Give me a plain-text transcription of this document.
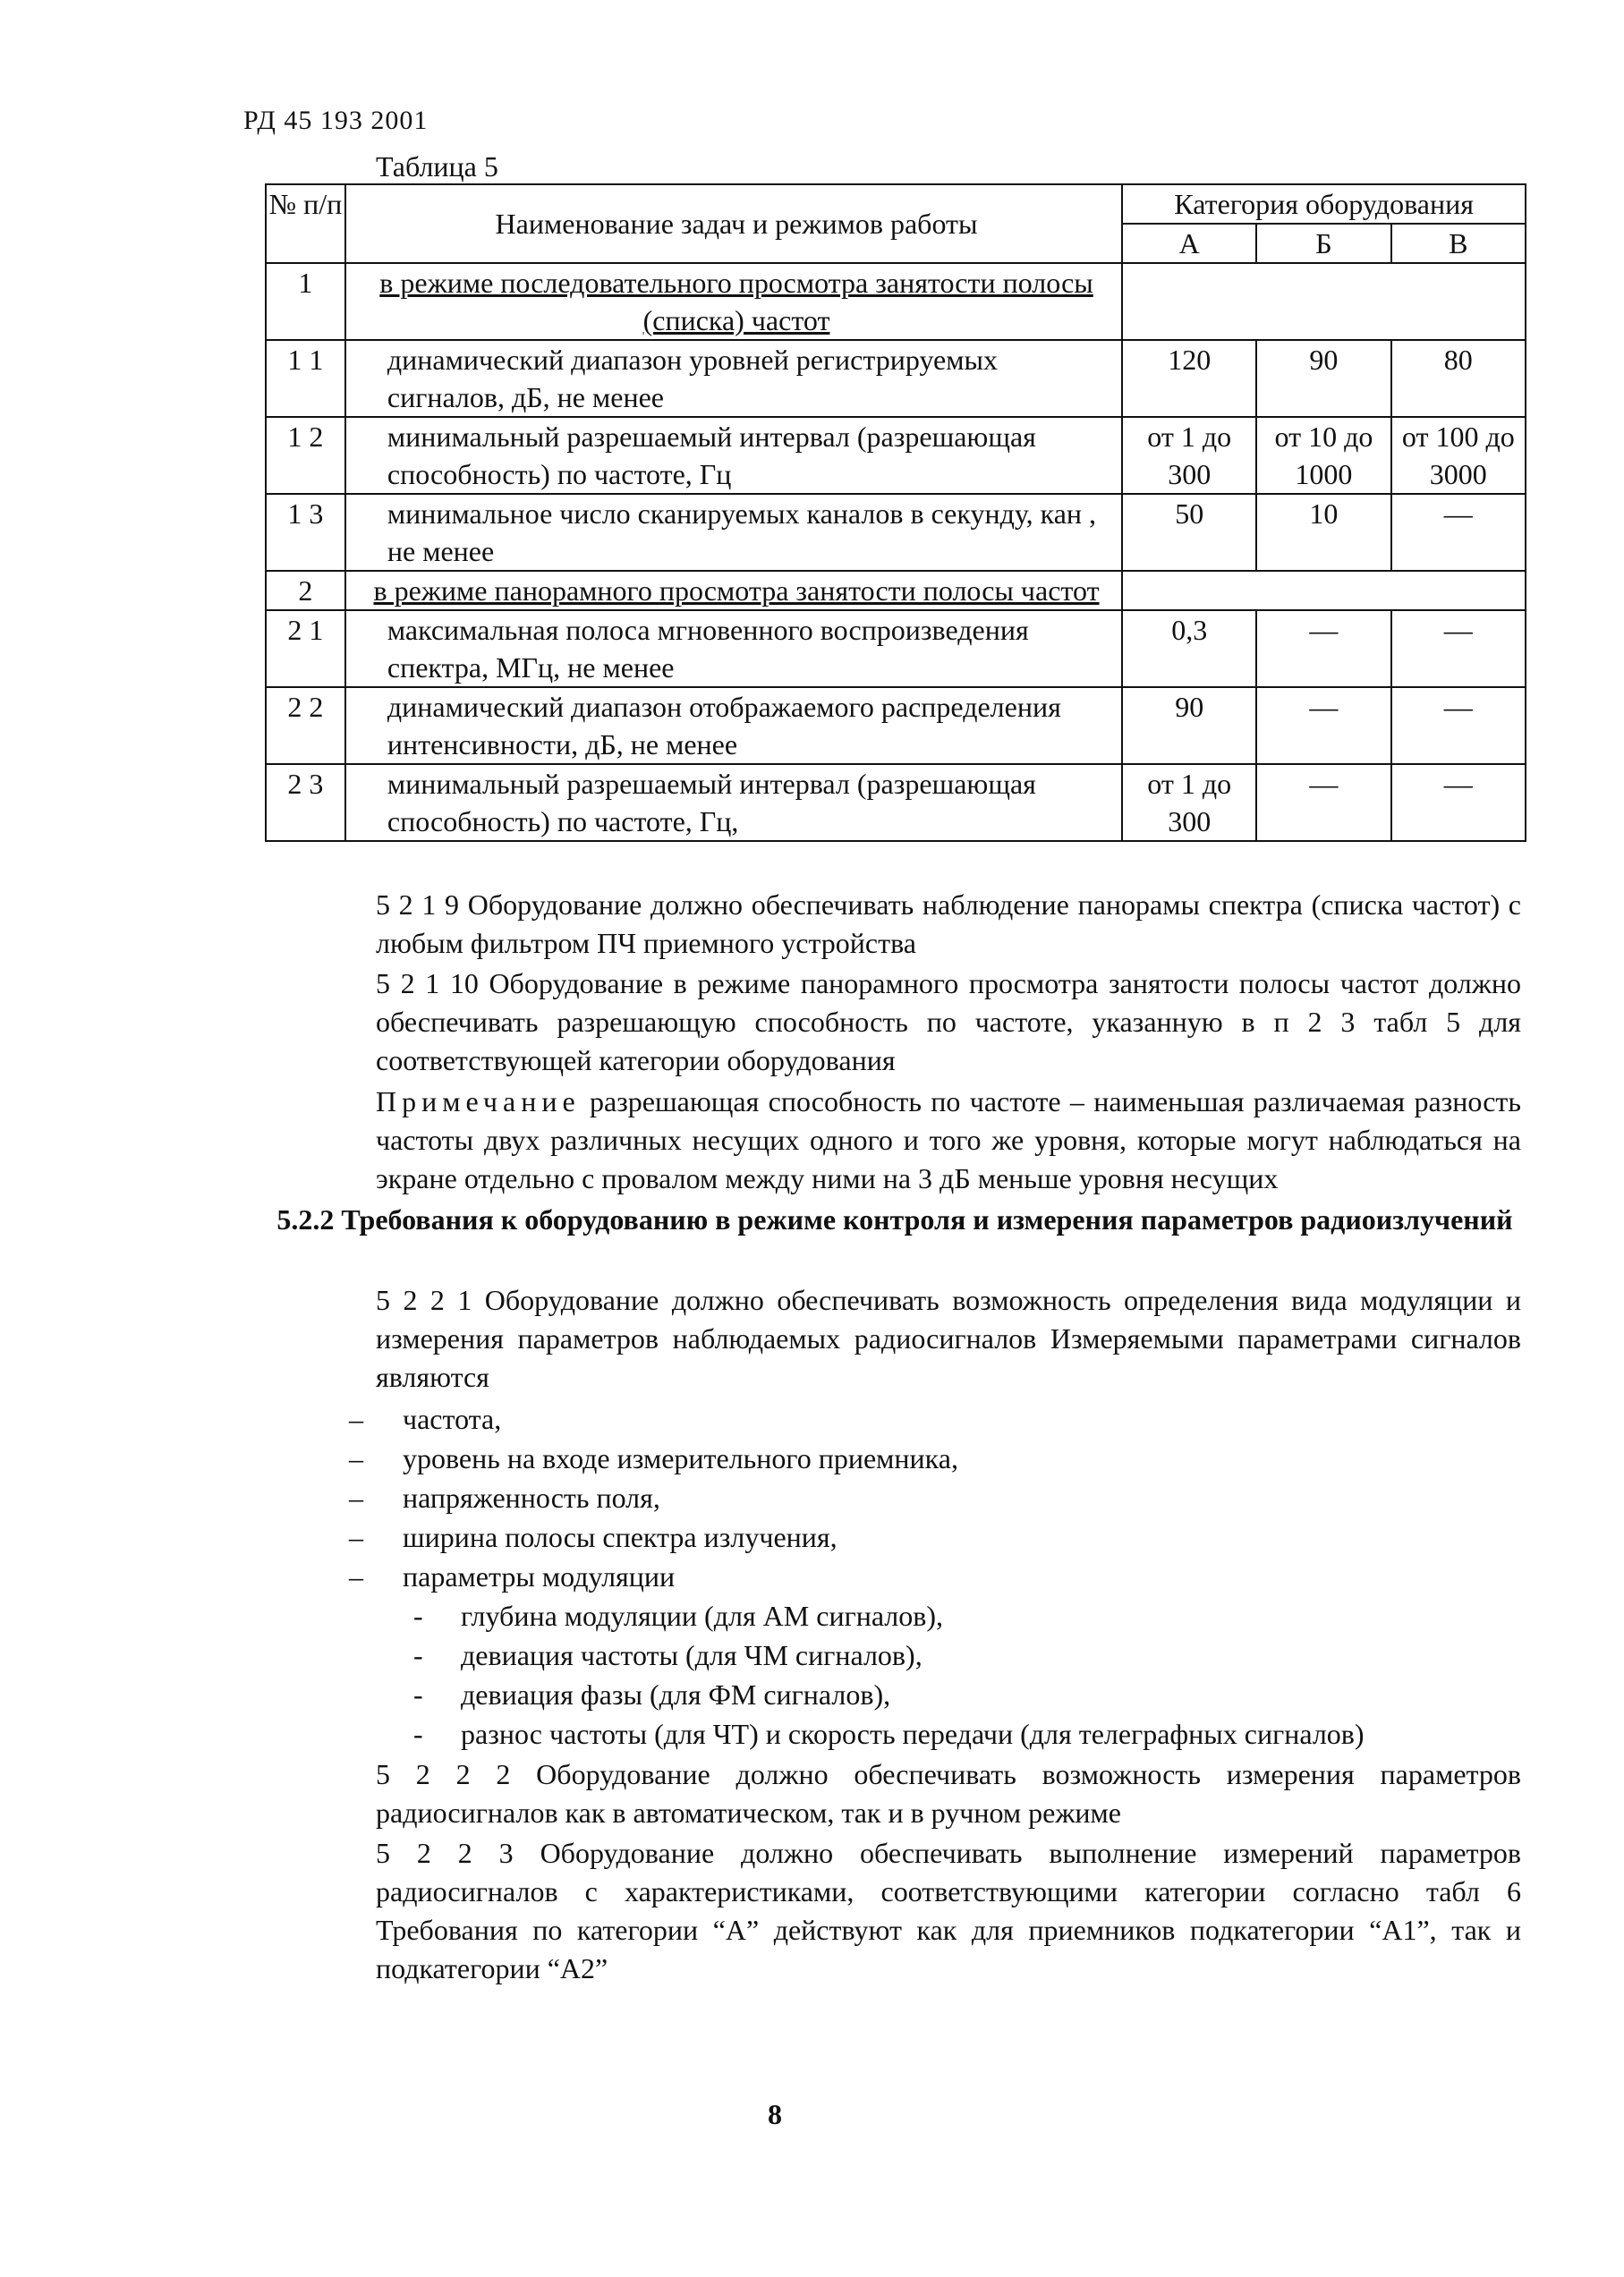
РД 45 193 2001
Таблица 5
№ п/п	Наименование задач и режимов работы	Категория оборудования		
		А	Б	В
1	в режиме последовательного просмотра занятости полосы (списка) частот			
1 1	динамический диапазон уровней регистрируемых сигналов, дБ, не менее	120	90	80
1 2	минимальный разрешаемый интервал (разрешающая способность) по частоте, Гц	от 1 до 300	от 10 до 1000	от 100 до 3000
1 3	минимальное число сканируемых каналов в секунду, кан , не менее	50	10	—
2	в режиме панорамного просмотра занятости полосы частот			
2 1	максимальная полоса мгновенного воспроизведения спектра, МГц, не менее	0,3	—	—
2 2	динамический диапазон отображаемого распределения интенсивности, дБ, не менее	90	—	—
2 3	минимальный разрешаемый интервал (разрешающая способность) по частоте, Гц,	от 1 до 300	—	—
5 2 1 9 Оборудование должно обеспечивать наблюдение панорамы спектра (списка частот) с любым фильтром ПЧ приемного устройства
5 2 1 10 Оборудование в режиме панорамного просмотра занятости полосы частот должно обеспечивать разрешающую способность по частоте, указанную в п 2 3 табл 5 для соответствующей категории оборудования
Примечание разрешающая способность по частоте – наименьшая различаемая разность частоты двух различных несущих одного и того же уровня, которые могут наблюдаться на экране отдельно с провалом между ними на 3 дБ меньше уровня несущих
5.2.2 Требования к оборудованию в режиме контроля и измерения параметров радиоизлучений
5 2 2 1 Оборудование должно обеспечивать возможность определения вида модуляции и измерения параметров наблюдаемых радиосигналов Измеряемыми параметрами сигналов являются
– частота,
– уровень на входе измерительного приемника,
– напряженность поля,
– ширина полосы спектра излучения,
– параметры модуляции
- глубина модуляции (для АМ сигналов),
- девиация частоты (для ЧМ сигналов),
- девиация фазы (для ФМ сигналов),
- разнос частоты (для ЧТ) и скорость передачи (для телеграфных сигналов)
5 2 2 2 Оборудование должно обеспечивать возможность измерения параметров радиосигналов как в автоматическом, так и в ручном режиме
5 2 2 3 Оборудование должно обеспечивать выполнение измерений параметров радиосигналов с характеристиками, соответствующими категории согласно табл 6 Требования по категории “А” действуют как для приемников подкатегории “А1”, так и подкатегории “А2”
8
